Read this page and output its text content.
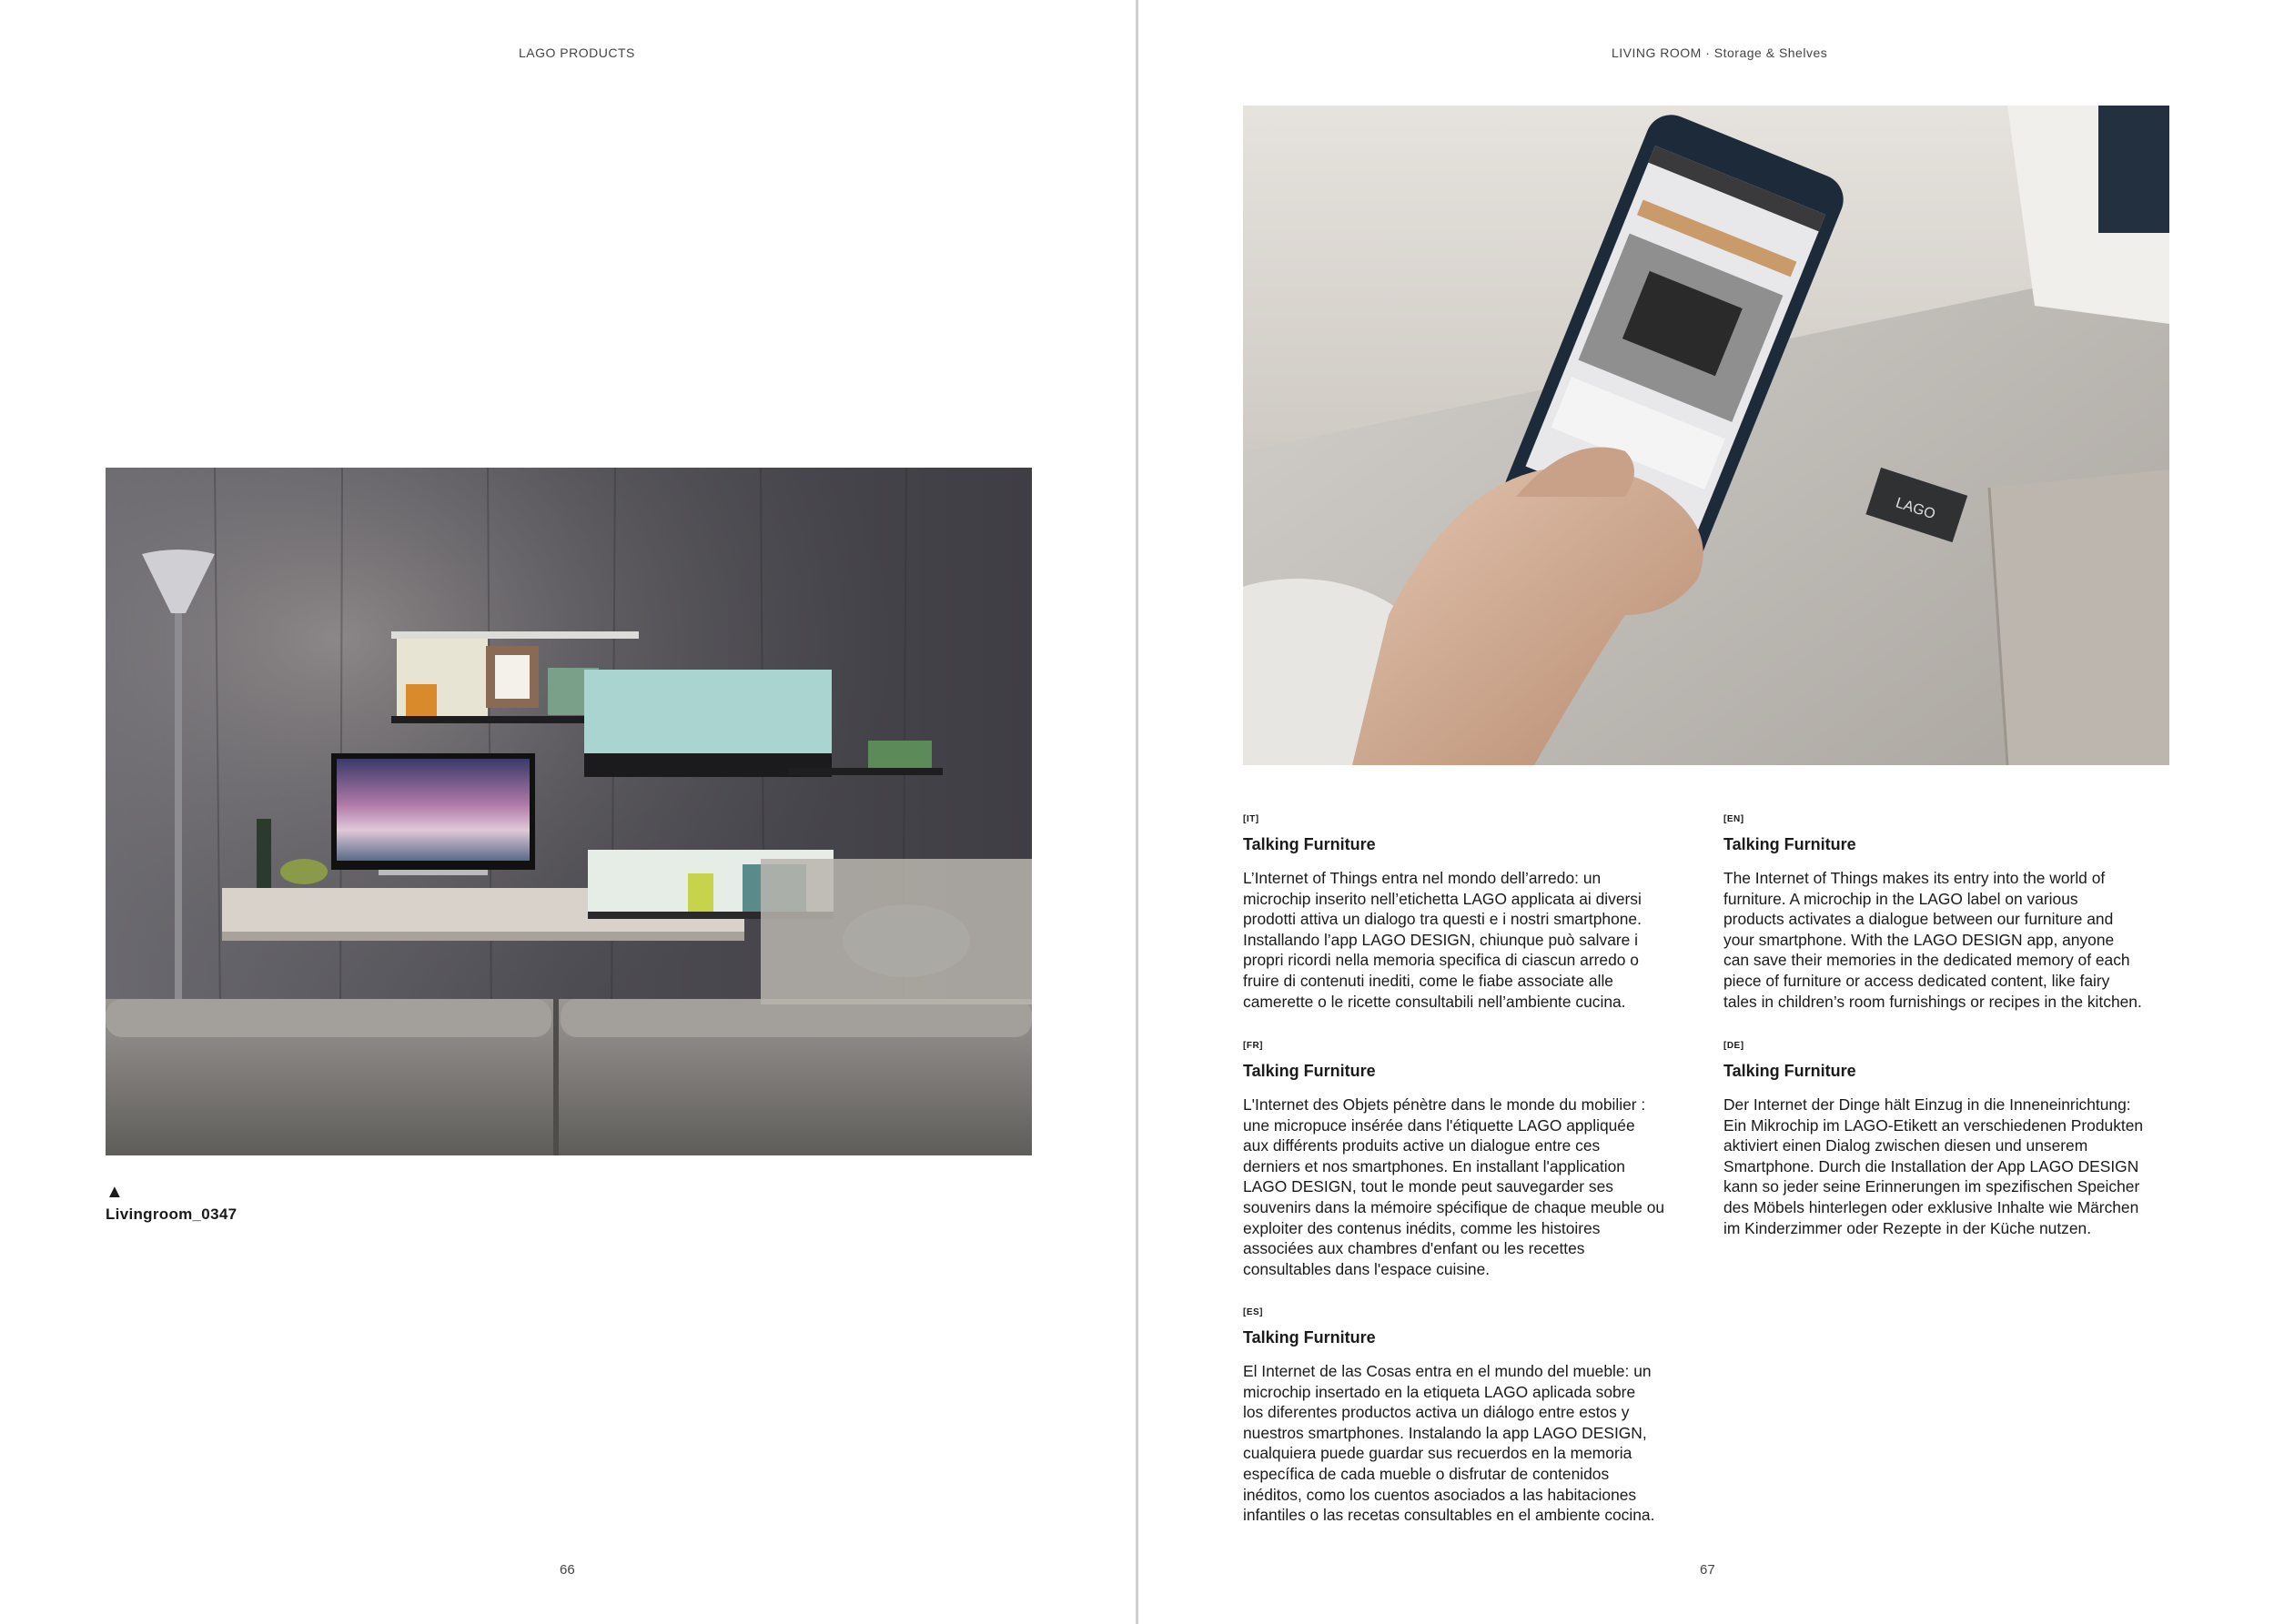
LAGO PRODUCTS
▲
Livingroom_0347
66
LIVING ROOM · Storage & Shelves
LAGO
[IT]
Talking Furniture

L’Internet of Things entra nel mondo dell’arredo: un
microchip inserito nell’etichetta LAGO applicata ai diversi
prodotti attiva un dialogo tra questi e i nostri smartphone.
Installando l’app LAGO DESIGN, chiunque può salvare i
propri ricordi nella memoria specifica di ciascun arredo o
fruire di contenuti inediti, come le fiabe associate alle
camerette o le ricette consultabili nell’ambiente cucina.

[EN]
Talking Furniture

The Internet of Things makes its entry into the world of
furniture. A microchip in the LAGO label on various
products activates a dialogue between our furniture and
your smartphone. With the LAGO DESIGN app, anyone
can save their memories in the dedicated memory of each
piece of furniture or access dedicated content, like fairy
tales in children’s room furnishings or recipes in the kitchen.

[FR]
Talking Furniture

L'Internet des Objets pénètre dans le monde du mobilier :
une micropuce insérée dans l'étiquette LAGO appliquée
aux différents produits active un dialogue entre ces
derniers et nos smartphones. En installant l'application
LAGO DESIGN, tout le monde peut sauvegarder ses
souvenirs dans la mémoire spécifique de chaque meuble ou
exploiter des contenus inédits, comme les histoires
associées aux chambres d'enfant ou les recettes
consultables dans l'espace cuisine.

[DE]
Talking Furniture

Der Internet der Dinge hält Einzug in die Inneneinrichtung:
Ein Mikrochip im LAGO-Etikett an verschiedenen Produkten
aktiviert einen Dialog zwischen diesen und unserem
Smartphone. Durch die Installation der App LAGO DESIGN
kann so jeder seine Erinnerungen im spezifischen Speicher
des Möbels hinterlegen oder exklusive Inhalte wie Märchen
im Kinderzimmer oder Rezepte in der Küche nutzen.

[ES]
Talking Furniture

El Internet de las Cosas entra en el mundo del mueble: un
microchip insertado en la etiqueta LAGO aplicada sobre
los diferentes productos activa un diálogo entre estos y
nuestros smartphones. Instalando la app LAGO DESIGN,
cualquiera puede guardar sus recuerdos en la memoria
específica de cada mueble o disfrutar de contenidos
inéditos, como los cuentos asociados a las habitaciones
infantiles o las recetas consultables en el ambiente cocina.

67
